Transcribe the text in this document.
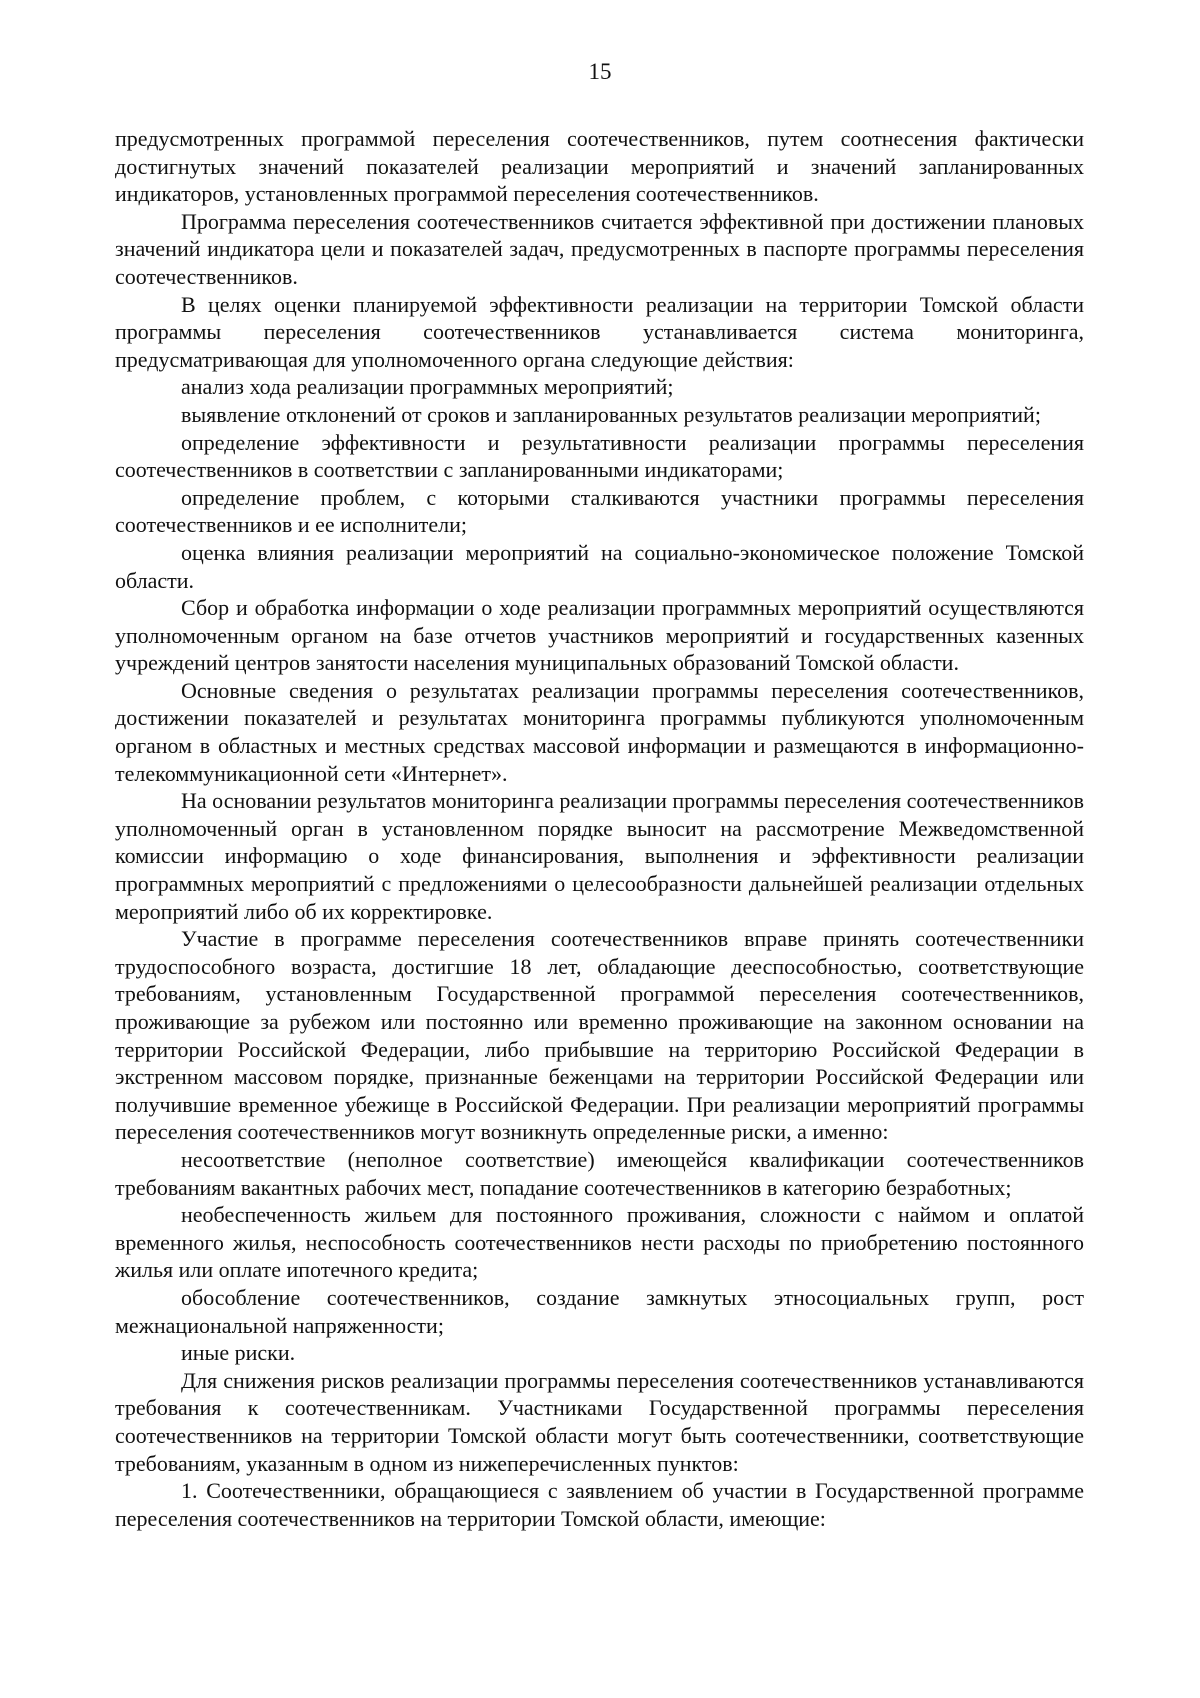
15

предусмотренных программой переселения соотечественников, путем соотнесения фактически достигнутых значений показателей реализации мероприятий и значений запланированных индикаторов, установленных программой переселения соотечественников.

Программа переселения соотечественников считается эффективной при достижении плановых значений индикатора цели и показателей задач, предусмотренных в паспорте программы переселения соотечественников.

В целях оценки планируемой эффективности реализации на территории Томской области программы переселения соотечественников устанавливается система мониторинга, предусматривающая для уполномоченного органа следующие действия:

анализ хода реализации программных мероприятий;

выявление отклонений от сроков и запланированных результатов реализации мероприятий;

определение эффективности и результативности реализации программы переселения соотечественников в соответствии с запланированными индикаторами;

определение проблем, с которыми сталкиваются участники программы переселения соотечественников и ее исполнители;

оценка влияния реализации мероприятий на социально-экономическое положение Томской области.

Сбор и обработка информации о ходе реализации программных мероприятий осуществляются уполномоченным органом на базе отчетов участников мероприятий и государственных казенных учреждений центров занятости населения муниципальных образований Томской области.

Основные сведения о результатах реализации программы переселения соотечественников, достижении показателей и результатах мониторинга программы публикуются уполномоченным органом в областных и местных средствах массовой информации и размещаются в информационно-телекоммуникационной сети «Интернет».

На основании результатов мониторинга реализации программы переселения соотечественников уполномоченный орган в установленном порядке выносит на рассмотрение Межведомственной комиссии информацию о ходе финансирования, выполнения и эффективности реализации программных мероприятий с предложениями о целесообразности дальнейшей реализации отдельных мероприятий либо об их корректировке.

Участие в программе переселения соотечественников вправе принять соотечественники трудоспособного возраста, достигшие 18 лет, обладающие дееспособностью, соответствующие требованиям, установленным Государственной программой переселения соотечественников, проживающие за рубежом или постоянно или временно проживающие на законном основании на территории Российской Федерации, либо прибывшие на территорию Российской Федерации в экстренном массовом порядке, признанные беженцами на территории Российской Федерации или получившие временное убежище в Российской Федерации. При реализации мероприятий программы переселения соотечественников могут возникнуть определенные риски, а именно:

несоответствие (неполное соответствие) имеющейся квалификации соотечественников требованиям вакантных рабочих мест, попадание соотечественников в категорию безработных;

необеспеченность жильем для постоянного проживания, сложности с наймом и оплатой временного жилья, неспособность соотечественников нести расходы по приобретению постоянного жилья или оплате ипотечного кредита;

обособление соотечественников, создание замкнутых этносоциальных групп, рост межнациональной напряженности;

иные риски.

Для снижения рисков реализации программы переселения соотечественников устанавливаются требования к соотечественникам. Участниками Государственной программы переселения соотечественников на территории Томской области могут быть соотечественники, соответствующие требованиям, указанным в одном из нижеперечисленных пунктов:

1. Соотечественники, обращающиеся с заявлением об участии в Государственной программе переселения соотечественников на территории Томской области, имеющие:
